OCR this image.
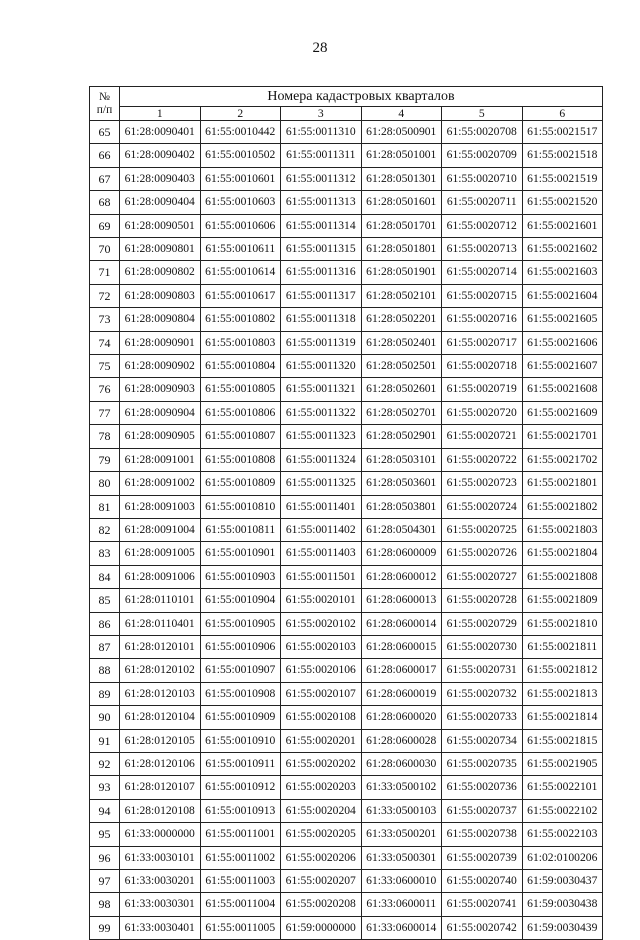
28
№
п/п	Номера кадастровых кварталов					
	1	2	3	4	5	6
65	61:28:0090401	61:55:0010442	61:55:0011310	61:28:0500901	61:55:0020708	61:55:0021517
66	61:28:0090402	61:55:0010502	61:55:0011311	61:28:0501001	61:55:0020709	61:55:0021518
67	61:28:0090403	61:55:0010601	61:55:0011312	61:28:0501301	61:55:0020710	61:55:0021519
68	61:28:0090404	61:55:0010603	61:55:0011313	61:28:0501601	61:55:0020711	61:55:0021520
69	61:28:0090501	61:55:0010606	61:55:0011314	61:28:0501701	61:55:0020712	61:55:0021601
70	61:28:0090801	61:55:0010611	61:55:0011315	61:28:0501801	61:55:0020713	61:55:0021602
71	61:28:0090802	61:55:0010614	61:55:0011316	61:28:0501901	61:55:0020714	61:55:0021603
72	61:28:0090803	61:55:0010617	61:55:0011317	61:28:0502101	61:55:0020715	61:55:0021604
73	61:28:0090804	61:55:0010802	61:55:0011318	61:28:0502201	61:55:0020716	61:55:0021605
74	61:28:0090901	61:55:0010803	61:55:0011319	61:28:0502401	61:55:0020717	61:55:0021606
75	61:28:0090902	61:55:0010804	61:55:0011320	61:28:0502501	61:55:0020718	61:55:0021607
76	61:28:0090903	61:55:0010805	61:55:0011321	61:28:0502601	61:55:0020719	61:55:0021608
77	61:28:0090904	61:55:0010806	61:55:0011322	61:28:0502701	61:55:0020720	61:55:0021609
78	61:28:0090905	61:55:0010807	61:55:0011323	61:28:0502901	61:55:0020721	61:55:0021701
79	61:28:0091001	61:55:0010808	61:55:0011324	61:28:0503101	61:55:0020722	61:55:0021702
80	61:28:0091002	61:55:0010809	61:55:0011325	61:28:0503601	61:55:0020723	61:55:0021801
81	61:28:0091003	61:55:0010810	61:55:0011401	61:28:0503801	61:55:0020724	61:55:0021802
82	61:28:0091004	61:55:0010811	61:55:0011402	61:28:0504301	61:55:0020725	61:55:0021803
83	61:28:0091005	61:55:0010901	61:55:0011403	61:28:0600009	61:55:0020726	61:55:0021804
84	61:28:0091006	61:55:0010903	61:55:0011501	61:28:0600012	61:55:0020727	61:55:0021808
85	61:28:0110101	61:55:0010904	61:55:0020101	61:28:0600013	61:55:0020728	61:55:0021809
86	61:28:0110401	61:55:0010905	61:55:0020102	61:28:0600014	61:55:0020729	61:55:0021810
87	61:28:0120101	61:55:0010906	61:55:0020103	61:28:0600015	61:55:0020730	61:55:0021811
88	61:28:0120102	61:55:0010907	61:55:0020106	61:28:0600017	61:55:0020731	61:55:0021812
89	61:28:0120103	61:55:0010908	61:55:0020107	61:28:0600019	61:55:0020732	61:55:0021813
90	61:28:0120104	61:55:0010909	61:55:0020108	61:28:0600020	61:55:0020733	61:55:0021814
91	61:28:0120105	61:55:0010910	61:55:0020201	61:28:0600028	61:55:0020734	61:55:0021815
92	61:28:0120106	61:55:0010911	61:55:0020202	61:28:0600030	61:55:0020735	61:55:0021905
93	61:28:0120107	61:55:0010912	61:55:0020203	61:33:0500102	61:55:0020736	61:55:0022101
94	61:28:0120108	61:55:0010913	61:55:0020204	61:33:0500103	61:55:0020737	61:55:0022102
95	61:33:0000000	61:55:0011001	61:55:0020205	61:33:0500201	61:55:0020738	61:55:0022103
96	61:33:0030101	61:55:0011002	61:55:0020206	61:33:0500301	61:55:0020739	61:02:0100206
97	61:33:0030201	61:55:0011003	61:55:0020207	61:33:0600010	61:55:0020740	61:59:0030437
98	61:33:0030301	61:55:0011004	61:55:0020208	61:33:0600011	61:55:0020741	61:59:0030438
99	61:33:0030401	61:55:0011005	61:59:0000000	61:33:0600014	61:55:0020742	61:59:0030439
